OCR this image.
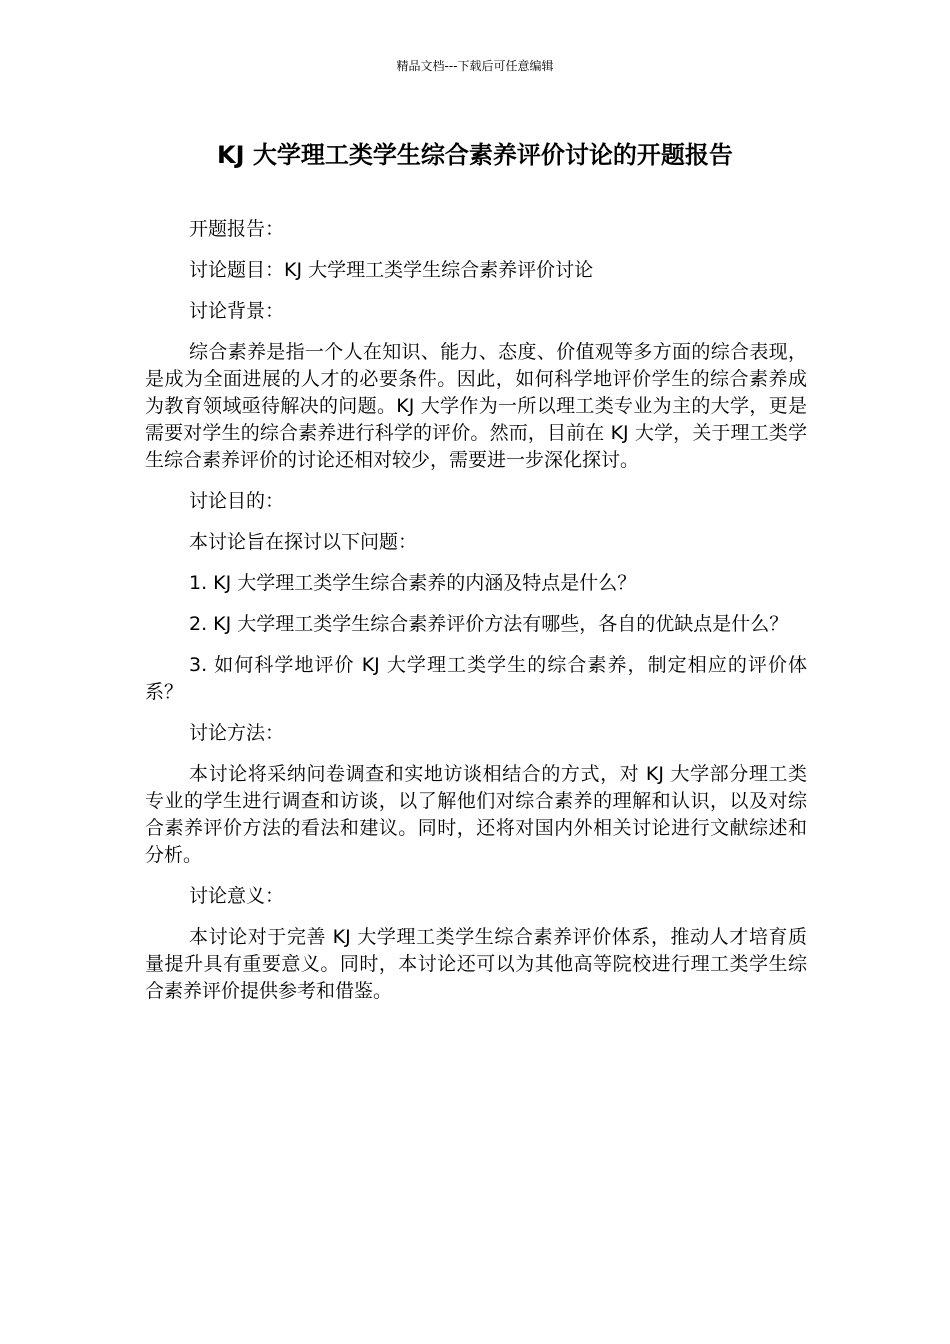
精品文档---下载后可任意编辑
KJ 大学理工类学生综合素养评价讨论的开题报告

开题报告：

讨论题目：KJ 大学理工类学生综合素养评价讨论

讨论背景：

综合素养是指一个人在知识、能力、态度、价值观等多方面的综合表现，是成为全面进展的人才的必要条件。因此，如何科学地评价学生的综合素养成为教育领域亟待解决的问题。KJ 大学作为一所以理工类专业为主的大学，更是需要对学生的综合素养进行科学的评价。然而，目前在 KJ 大学，关于理工类学生综合素养评价的讨论还相对较少，需要进一步深化探讨。

讨论目的：

本讨论旨在探讨以下问题：

1. KJ 大学理工类学生综合素养的内涵及特点是什么？

2. KJ 大学理工类学生综合素养评价方法有哪些，各自的优缺点是什么？

3. 如何科学地评价 KJ 大学理工类学生的综合素养，制定相应的评价体系？

讨论方法：

本讨论将采纳问卷调查和实地访谈相结合的方式，对 KJ 大学部分理工类专业的学生进行调查和访谈，以了解他们对综合素养的理解和认识，以及对综合素养评价方法的看法和建议。同时，还将对国内外相关讨论进行文献综述和分析。

讨论意义：

本讨论对于完善 KJ 大学理工类学生综合素养评价体系，推动人才培育质量提升具有重要意义。同时，本讨论还可以为其他高等院校进行理工类学生综合素养评价提供参考和借鉴。
